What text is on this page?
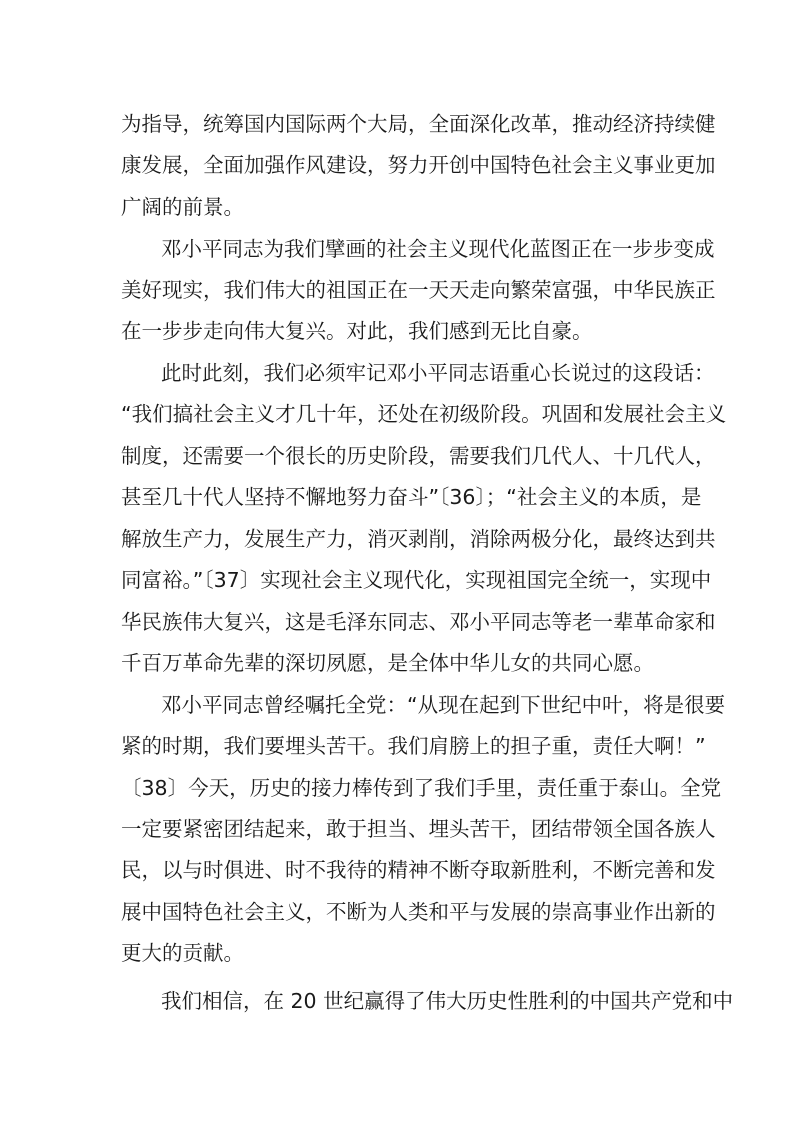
为指导，统筹国内国际两个大局，全面深化改革，推动经济持续健
康发展，全面加强作风建设，努力开创中国特色社会主义事业更加
广阔的前景。
邓小平同志为我们擘画的社会主义现代化蓝图正在一步步变成
美好现实，我们伟大的祖国正在一天天走向繁荣富强，中华民族正
在一步步走向伟大复兴。对此，我们感到无比自豪。
此时此刻，我们必须牢记邓小平同志语重心长说过的这段话：
“我们搞社会主义才几十年，还处在初级阶段。巩固和发展社会主义
制度，还需要一个很长的历史阶段，需要我们几代人、十几代人，
甚至几十代人坚持不懈地努力奋斗”〔36〕；“社会主义的本质，是
解放生产力，发展生产力，消灭剥削，消除两极分化，最终达到共
同富裕。”〔37〕实现社会主义现代化，实现祖国完全统一，实现中
华民族伟大复兴，这是毛泽东同志、邓小平同志等老一辈革命家和
千百万革命先辈的深切夙愿，是全体中华儿女的共同心愿。
邓小平同志曾经嘱托全党：“从现在起到下世纪中叶，将是很要
紧的时期，我们要埋头苦干。我们肩膀上的担子重，责任大啊！”
〔38〕今天，历史的接力棒传到了我们手里，责任重于泰山。全党
一定要紧密团结起来，敢于担当、埋头苦干，团结带领全国各族人
民，以与时俱进、时不我待的精神不断夺取新胜利，不断完善和发
展中国特色社会主义，不断为人类和平与发展的崇高事业作出新的
更大的贡献。
我们相信，在 20 世纪赢得了伟大历史性胜利的中国共产党和中
